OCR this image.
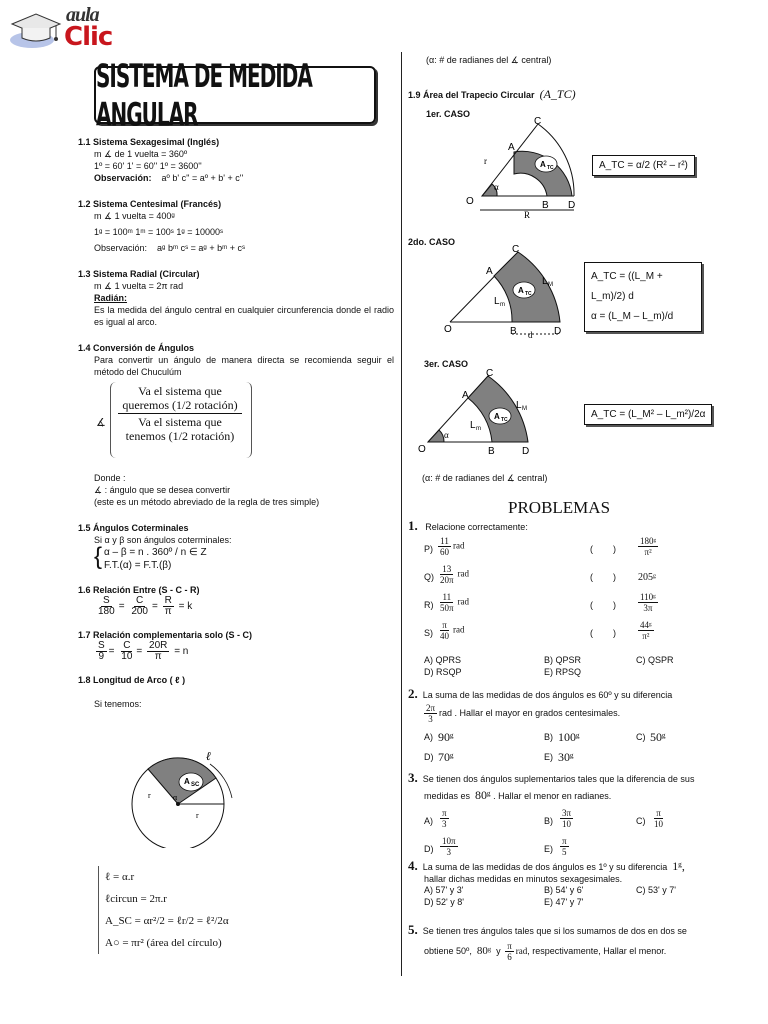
aula
Clic
SISTEMA DE MEDIDA ANGULAR
1.1 Sistema Sexagesimal (Inglés)
m ∡ de 1 vuelta = 360º
1º = 60' 1' = 60'' 1º = 3600''
Observación: aº b' c'' = aº + b' + c''
1.2 Sistema Centesimal (Francés)
m ∡ 1 vuelta = 400ᵍ
1ᵍ = 100ᵐ 1ᵐ = 100ˢ 1ᵍ = 10000ˢ
Observación: aᵍ bᵐ cˢ = aᵍ + bᵐ + cˢ
1.3 Sistema Radial (Circular)
m ∡ 1 vuelta = 2π rad
Radián:
Es la medida del ángulo central en cualquier circunferencia donde el radio es igual al arco.
1.4 Conversión de Ángulos
Para convertir un ángulo de manera directa se recomienda seguir el método del Chuculúm
∡
Va el sistema que
queremos (1/2 rotación)
Va el sistema que
tenemos (1/2 rotación)
Donde :
∡ : ángulo que se desea convertir
(este es un método abreviado de la regla de tres simple)
1.5 Ángulos Coterminales
Si α y β son ángulos coterminales:
{ α – β = n . 360º / n ∈ Z
F.T.(α) = F.T.(β)
1.6 Relación Entre (S - C - R)
$\frac{S}{180} = \frac{C}{200} = \frac{R}{\pi} = k$
1.7 Relación complementaria solo (S - C)
$\frac{S}{9} = \frac{C}{10} = \frac{20R}{\pi} = n$
1.8 Longitud de Arco ( ℓ )
Si tenemos:
A SC
α
r
r
ℓ
ℓ = α.r
ℓcircun = 2π.r
A_SC = αr²/2 = ℓr/2 = ℓ²/2α
A○ = πr² (área del círculo)
(α: # de radianes del ∡ central)
1.9 Área del Trapecio Circular (A_TC)
1er. CASO
α
O
A
C
B D
r	A TC
R
A_TC = α/2 (R² – r²)
2do. CASO
O
A
C
B	D
L M
L m
A TC
d
A_TC = ((L_M + L_m)/2) d
α = (L_M – L_m)/d
3er. CASO
α
O
A
C
B	D
L M
L m
A TC	A_TC = (L_M² – L_m²)/2α
(α: # de radianes del ∡ central)
PROBLEMAS
1. Relacione correctamente:
$P) \frac{11}{60}$ rad	(        ) $\frac{\text{180ᵍ}}{\text{π²}}$
$Q) \frac{13}{20\pi}$ rad	(        ) 205ᵍ
$R) \frac{11}{50\pi}$ rad	(        ) $\frac{\text{110ᵍ}}{3\pi}$
$S) \frac{\pi}{40}$ rad	(        ) $\frac{\text{44ᵍ}}{\text{π²}}$
A) QPRS	B) QPSR	C) QSPR
D) RSQP	E) RPSQ
2. La suma de las medidas de dos ángulos es 60º y su diferencia
$\frac{2\pi}{3}$ rad . Hallar el mayor en grados centesimales.
A) 90ᵍ	B) 100ᵍ	C) 50ᵍ
D) 70ᵍ	E) 30ᵍ
3. Se tienen dos ángulos suplementarios tales que la diferencia de sus
medidas es 80ᵍ . Hallar el menor en radianes.
$A) \frac{\pi}{3}$	$B) \frac{3\pi}{10}$	$C) \frac{\pi}{10}$
$D) \frac{10\pi}{3}$	$E) \frac{\pi}{5}$
4. La suma de las medidas de dos ángulos es 1º y su diferencia 1ᵍ,
hallar dichas medidas en minutos sexagesimales.
A) 57' y 3'	B) 54' y 6'	C) 53' y 7'
D) 52' y 8'	E) 47' y 7'
5. Se tienen tres ángulos tales que si los sumamos de dos en dos se
obtiene 50º, 80ᵍ y $\frac{\pi}{6}$ rad, respectivamente, Hallar el menor.
